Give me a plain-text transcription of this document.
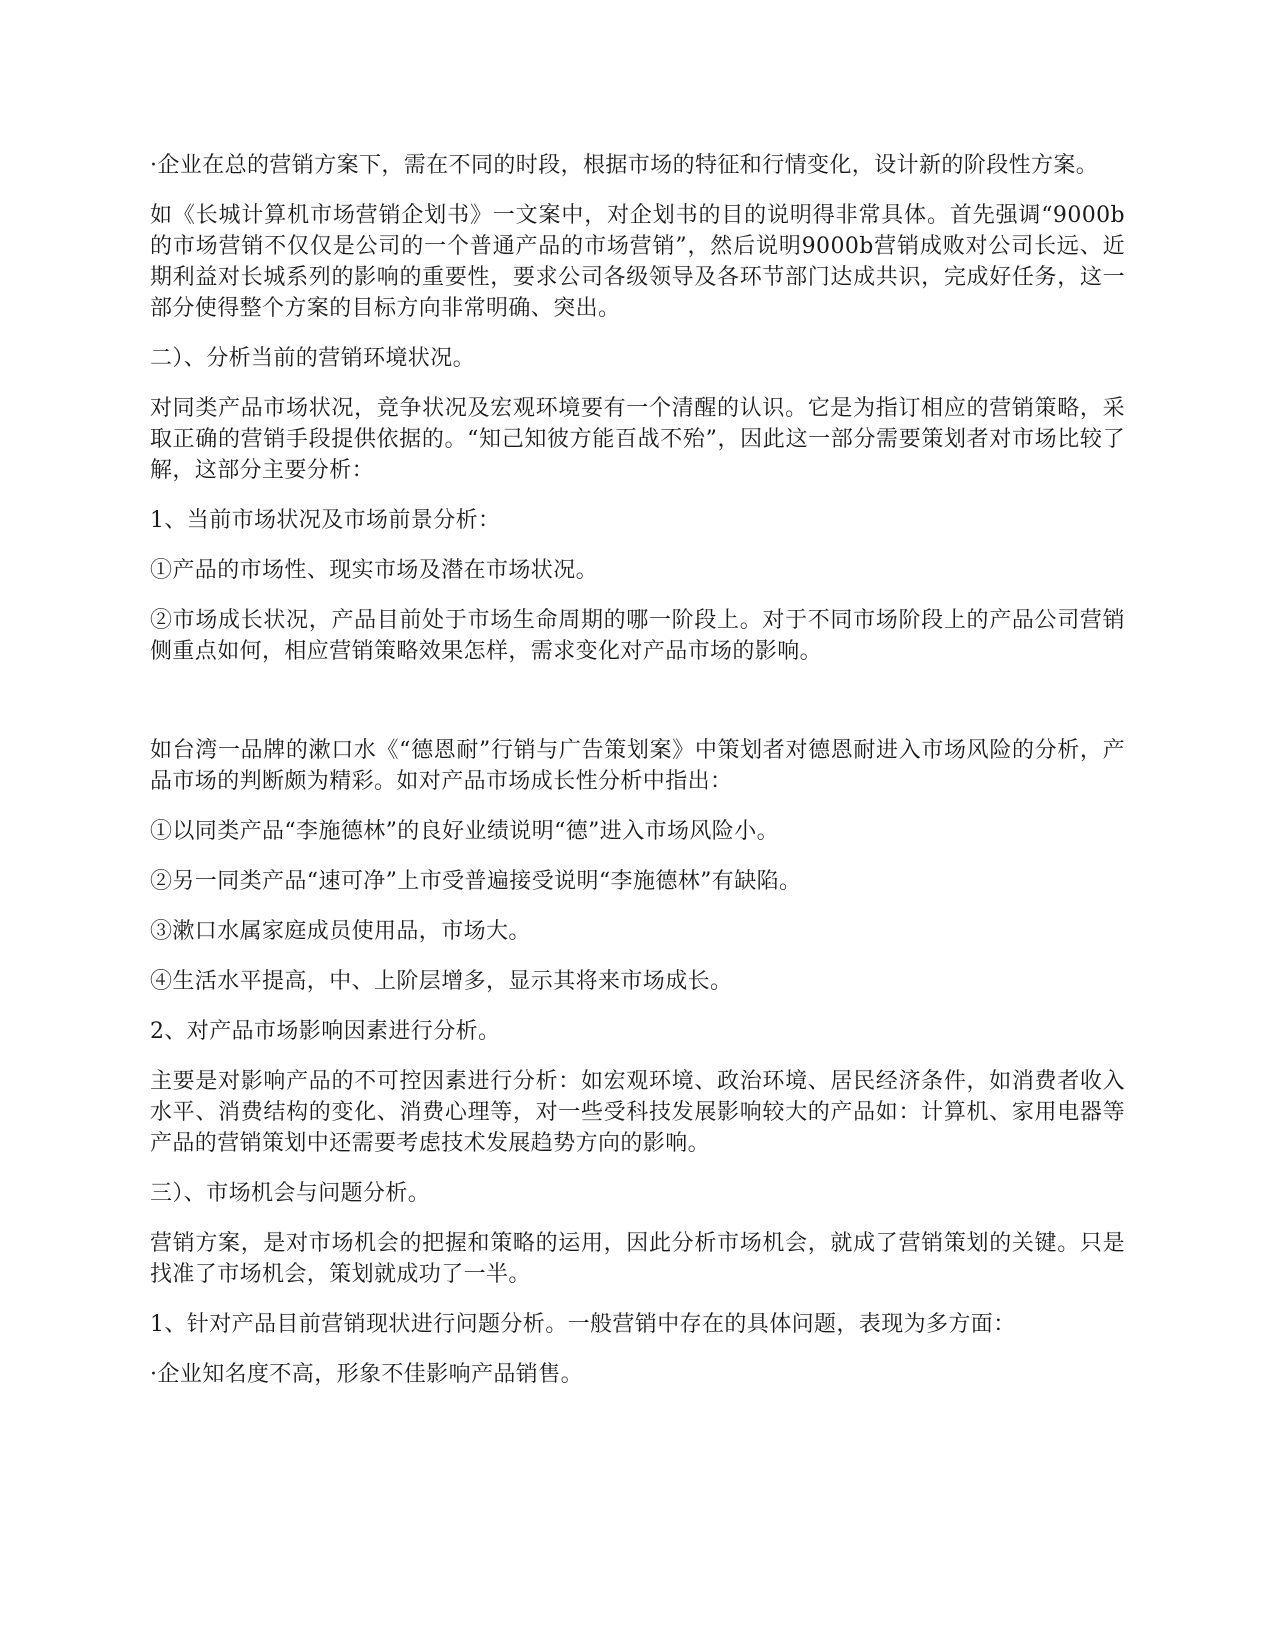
·企业在总的营销方案下，需在不同的时段，根据市场的特征和行情变化，设计新的阶段性方案。

如《长城计算机市场营销企划书》一文案中，对企划书的目的说明得非常具体。首先强调“9000b的市场营销不仅仅是公司的一个普通产品的市场营销”，然后说明9000b营销成败对公司长远、近期利益对长城系列的影响的重要性，要求公司各级领导及各环节部门达成共识，完成好任务，这一部分使得整个方案的目标方向非常明确、突出。

二）、分析当前的营销环境状况。

对同类产品市场状况，竞争状况及宏观环境要有一个清醒的认识。它是为指订相应的营销策略，采取正确的营销手段提供依据的。“知己知彼方能百战不殆”，因此这一部分需要策划者对市场比较了解，这部分主要分析：

1、当前市场状况及市场前景分析：

①产品的市场性、现实市场及潜在市场状况。

②市场成长状况，产品目前处于市场生命周期的哪一阶段上。对于不同市场阶段上的产品公司营销侧重点如何，相应营销策略效果怎样，需求变化对产品市场的影响。

如台湾一品牌的漱口水《“德恩耐”行销与广告策划案》中策划者对德恩耐进入市场风险的分析，产品市场的判断颇为精彩。如对产品市场成长性分析中指出：

①以同类产品“李施德林”的良好业绩说明“德”进入市场风险小。

②另一同类产品“速可净”上市受普遍接受说明“李施德林”有缺陷。

③漱口水属家庭成员使用品，市场大。

④生活水平提高，中、上阶层增多，显示其将来市场成长。

2、对产品市场影响因素进行分析。

主要是对影响产品的不可控因素进行分析：如宏观环境、政治环境、居民经济条件，如消费者收入水平、消费结构的变化、消费心理等，对一些受科技发展影响较大的产品如：计算机、家用电器等产品的营销策划中还需要考虑技术发展趋势方向的影响。

三）、市场机会与问题分析。

营销方案，是对市场机会的把握和策略的运用，因此分析市场机会，就成了营销策划的关键。只是找准了市场机会，策划就成功了一半。

1、针对产品目前营销现状进行问题分析。一般营销中存在的具体问题，表现为多方面：

·企业知名度不高，形象不佳影响产品销售。
